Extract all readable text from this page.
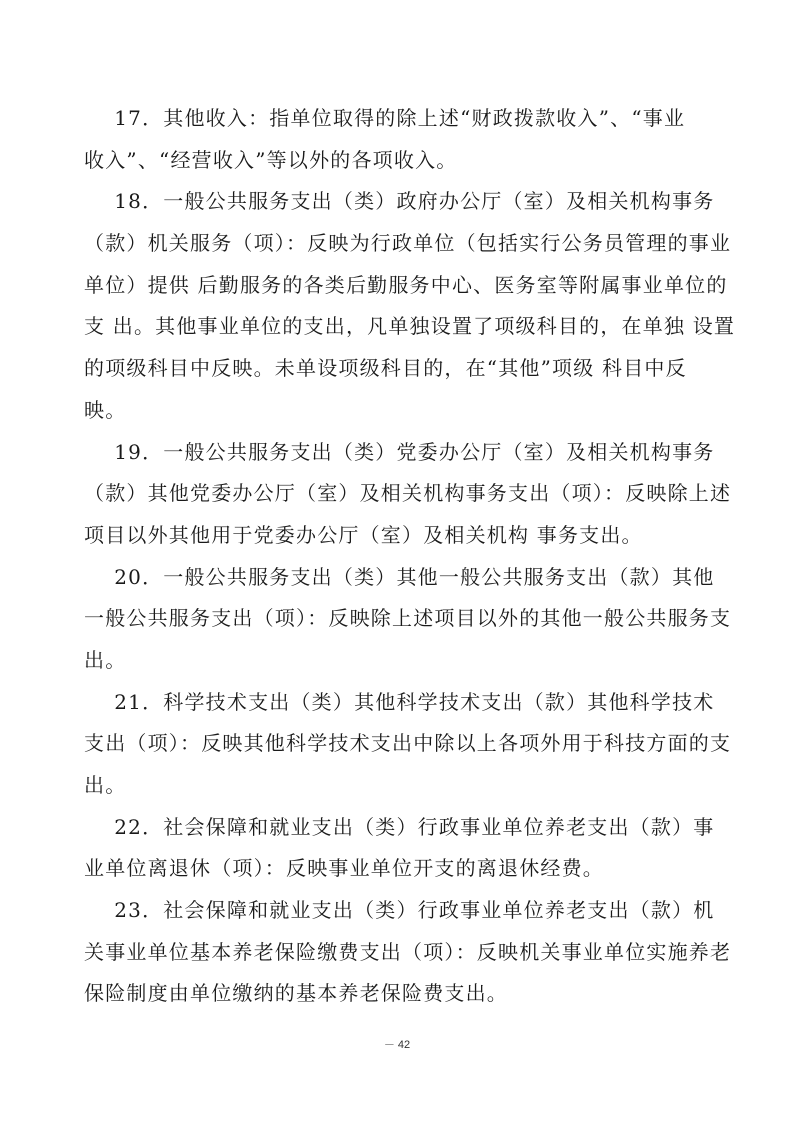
17．其他收入：指单位取得的除上述“财政拨款收入”、“事业
收入”、“经营收入”等以外的各项收入。
18．一般公共服务支出（类）政府办公厅（室）及相关机构事务
（款）机关服务（项）：反映为行政单位（包括实行公务员管理的事业
单位）提供 后勤服务的各类后勤服务中心、医务室等附属事业单位的
支 出。其他事业单位的支出，凡单独设置了项级科目的，在单独 设置
的项级科目中反映。未单设项级科目的，在“其他”项级 科目中反
映。
19．一般公共服务支出（类）党委办公厅（室）及相关机构事务
（款）其他党委办公厅（室）及相关机构事务支出（项）：反映除上述
项目以外其他用于党委办公厅（室）及相关机构 事务支出。
20．一般公共服务支出（类）其他一般公共服务支出（款）其他
一般公共服务支出（项）：反映除上述项目以外的其他一般公共服务支
出。
21．科学技术支出（类）其他科学技术支出（款）其他科学技术
支出（项）：反映其他科学技术支出中除以上各项外用于科技方面的支
出。
22．社会保障和就业支出（类）行政事业单位养老支出（款）事
业单位离退休（项）：反映事业单位开支的离退休经费。
23．社会保障和就业支出（类）行政事业单位养老支出（款）机
关事业单位基本养老保险缴费支出（项）：反映机关事业单位实施养老
保险制度由单位缴纳的基本养老保险费支出。
－ 42
